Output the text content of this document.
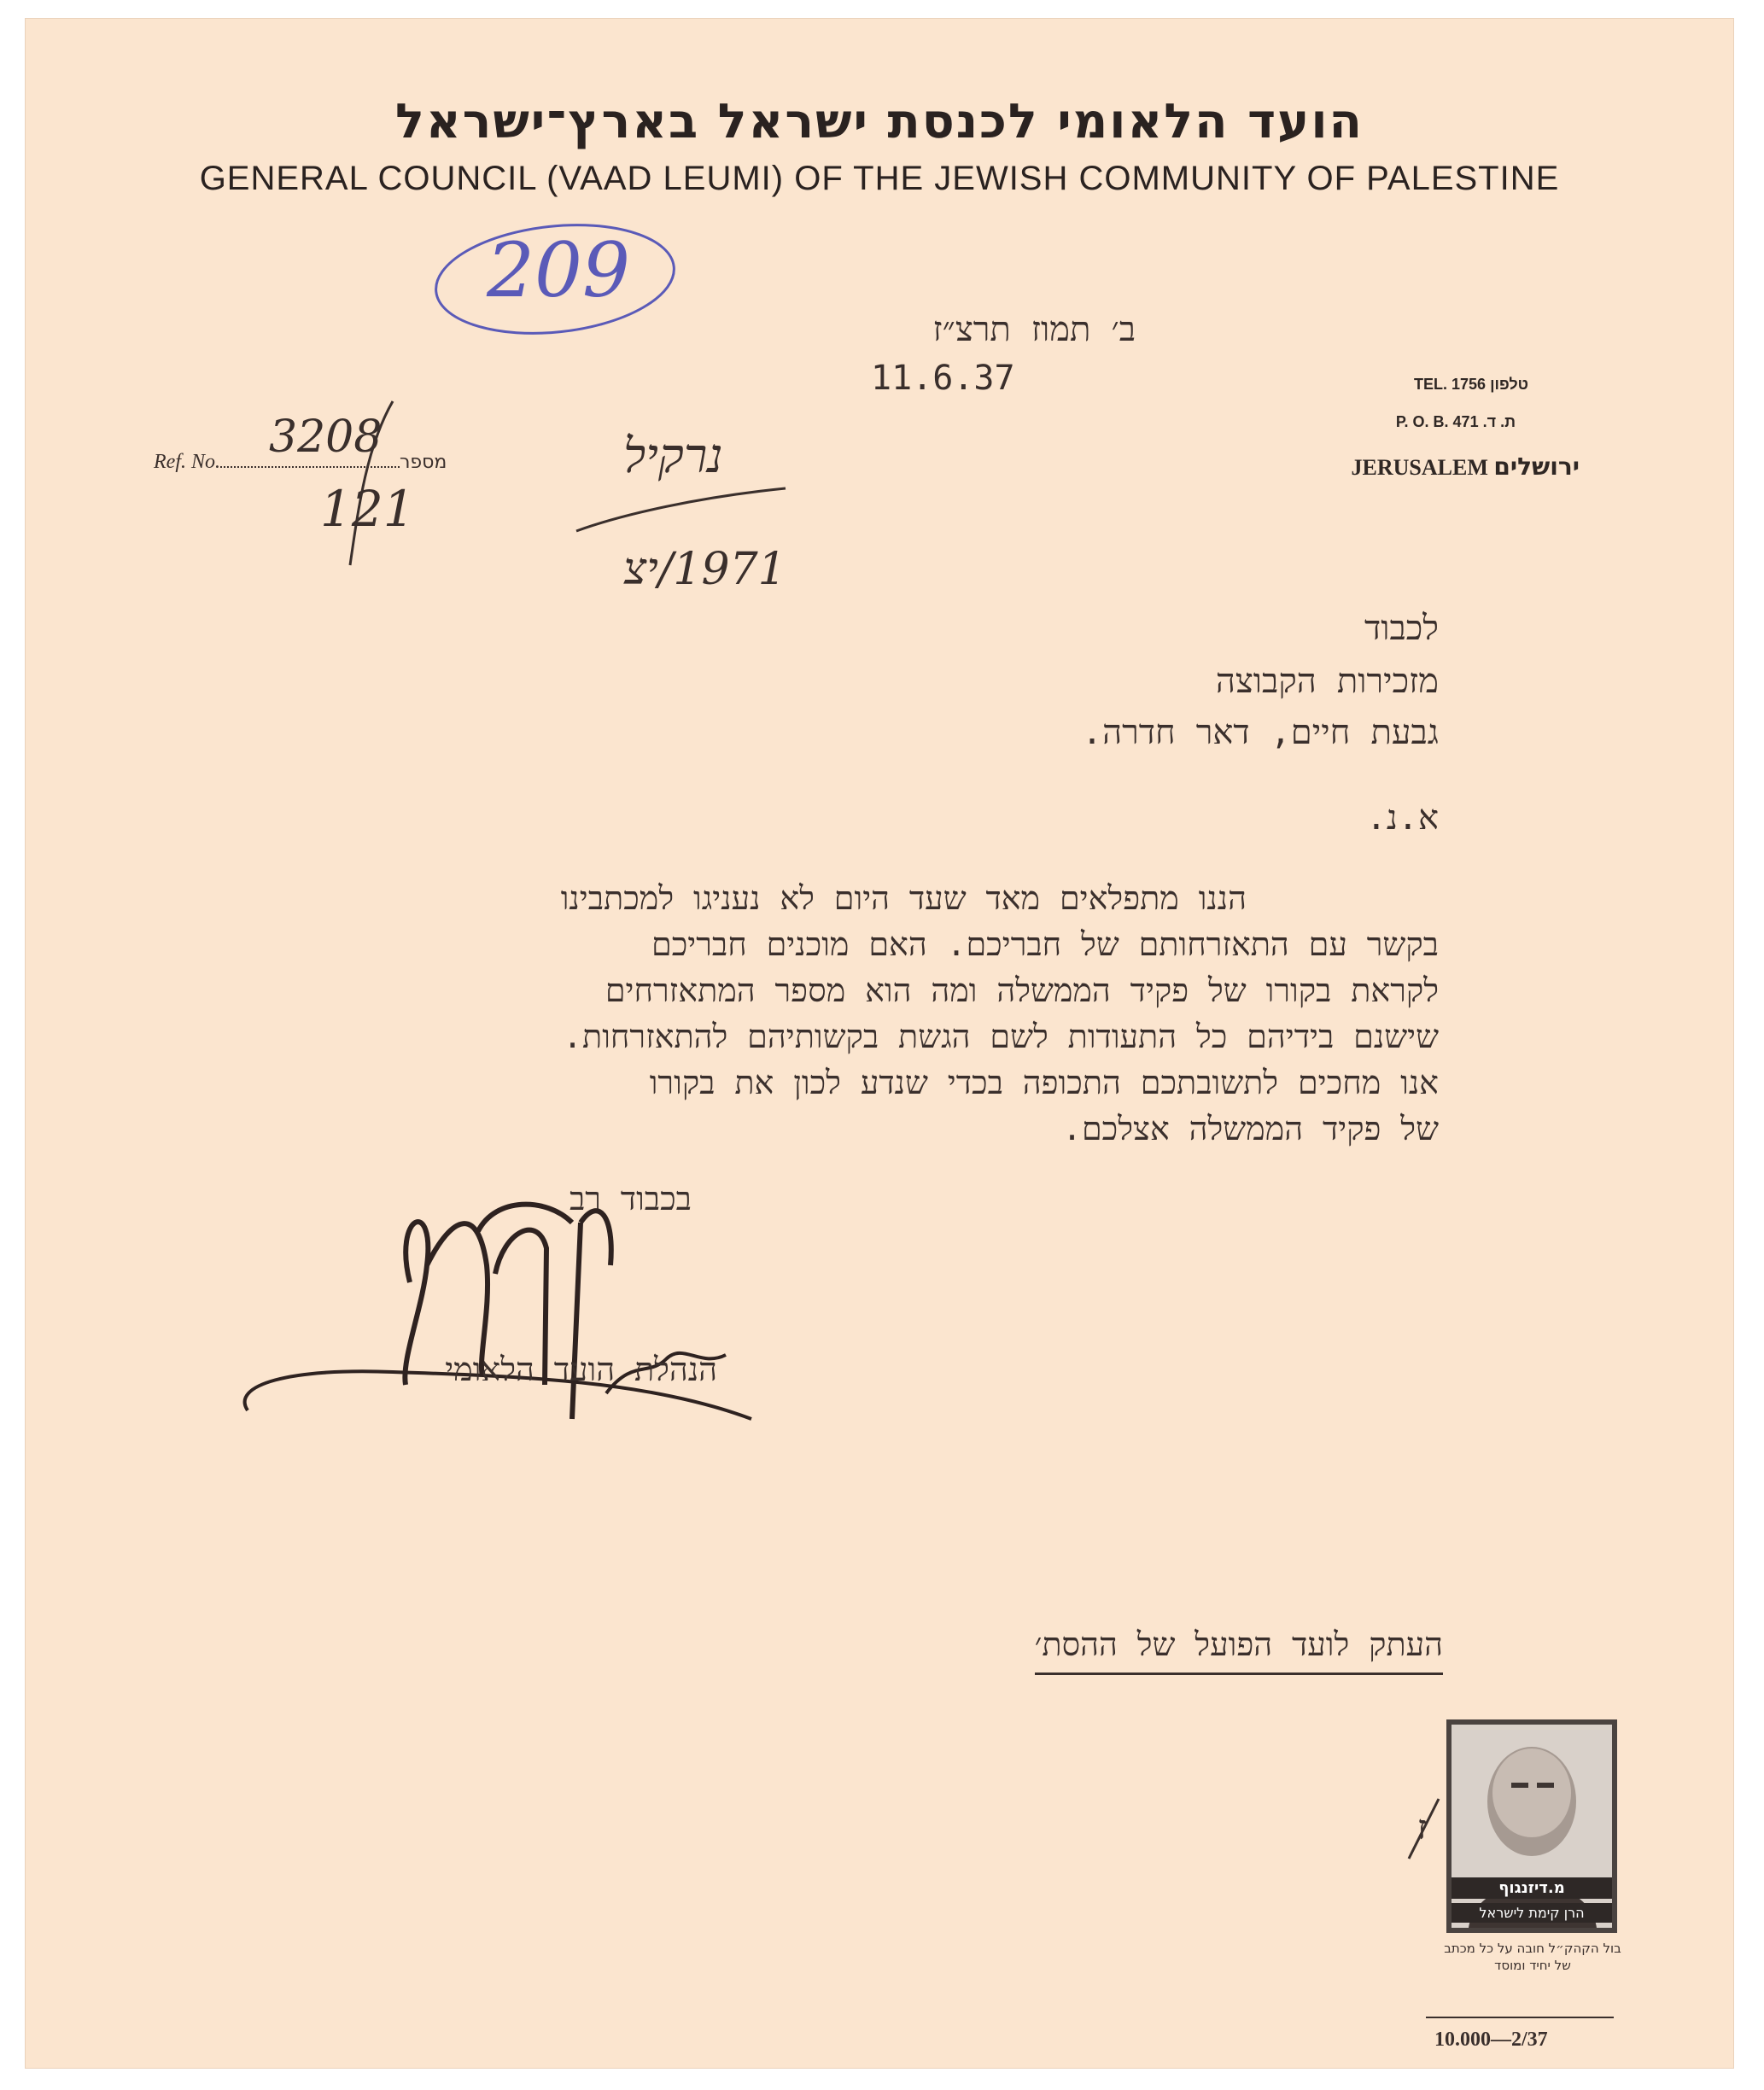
הועד הלאומי לכנסת ישראל בארץ־ישראל
GENERAL COUNCIL (VAAD LEUMI) OF THE JEWISH COMMUNITY OF PALESTINE
209
ב׳ תמוז תרצ״ז
11.6.37	TEL. 1756 טלפון
P. O. B. 471 .ת. ד
JERUSALEM ירושלים
Ref. No.	מספר
3208
121
נרקיל
1971/יצ
לכבוד
מזכירות הקבוצה
גבעת חיים, דאר חדרה.
א.נ.
הננו מתפלאים מאד שעד היום לא נעניגו למכתבינו
בקשר עם התאזרחותם של חבריכם. האם מוכנים חבריכם
לקראת בקורו של פקיד הממשלה ומה הוא מספר המתאזרחים
שישנם בידיהם כל התעודות לשם הגשת בקשותיהם להתאזרחות.
אנו מחכים לתשובתכם התכופה בכדי שנדע לכון את בקורו
של פקיד הממשלה אצלכם.
בכבוד רב
הנהלת הועד הלאומי
העתק לועד הפועל של ההסת׳
ז
מ.דיזנגוף
הרן קימת לישראל
בול הקהק״ל חובה על כל מכתב של יחיד ומוסד
10.000—2/37
